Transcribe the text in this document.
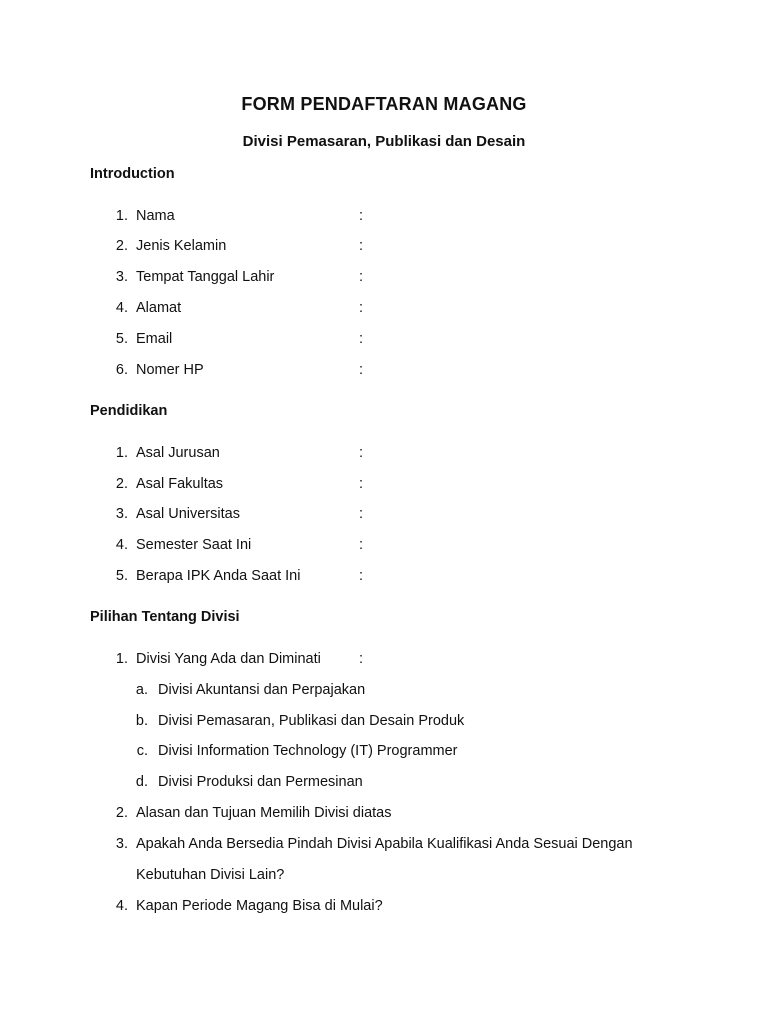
FORM PENDAFTARAN MAGANG
Divisi Pemasaran, Publikasi dan Desain
Introduction
1. Nama	:
2. Jenis Kelamin	:
3. Tempat Tanggal Lahir	:
4. Alamat	:
5. Email	:
6. Nomer HP	:
Pendidikan
1. Asal Jurusan	:
2. Asal Fakultas	:
3. Asal Universitas	:
4. Semester Saat Ini	:
5. Berapa IPK Anda Saat Ini	:
Pilihan Tentang Divisi
1. Divisi Yang Ada dan Diminati	:
a. Divisi Akuntansi dan Perpajakan
b. Divisi Pemasaran, Publikasi dan Desain Produk
c. Divisi Information Technology (IT) Programmer
d. Divisi Produksi dan Permesinan
2. Alasan dan Tujuan Memilih Divisi diatas
3. Apakah Anda Bersedia Pindah Divisi Apabila Kualifikasi Anda Sesuai Dengan
Kebutuhan Divisi Lain?
4. Kapan Periode Magang Bisa di Mulai?
